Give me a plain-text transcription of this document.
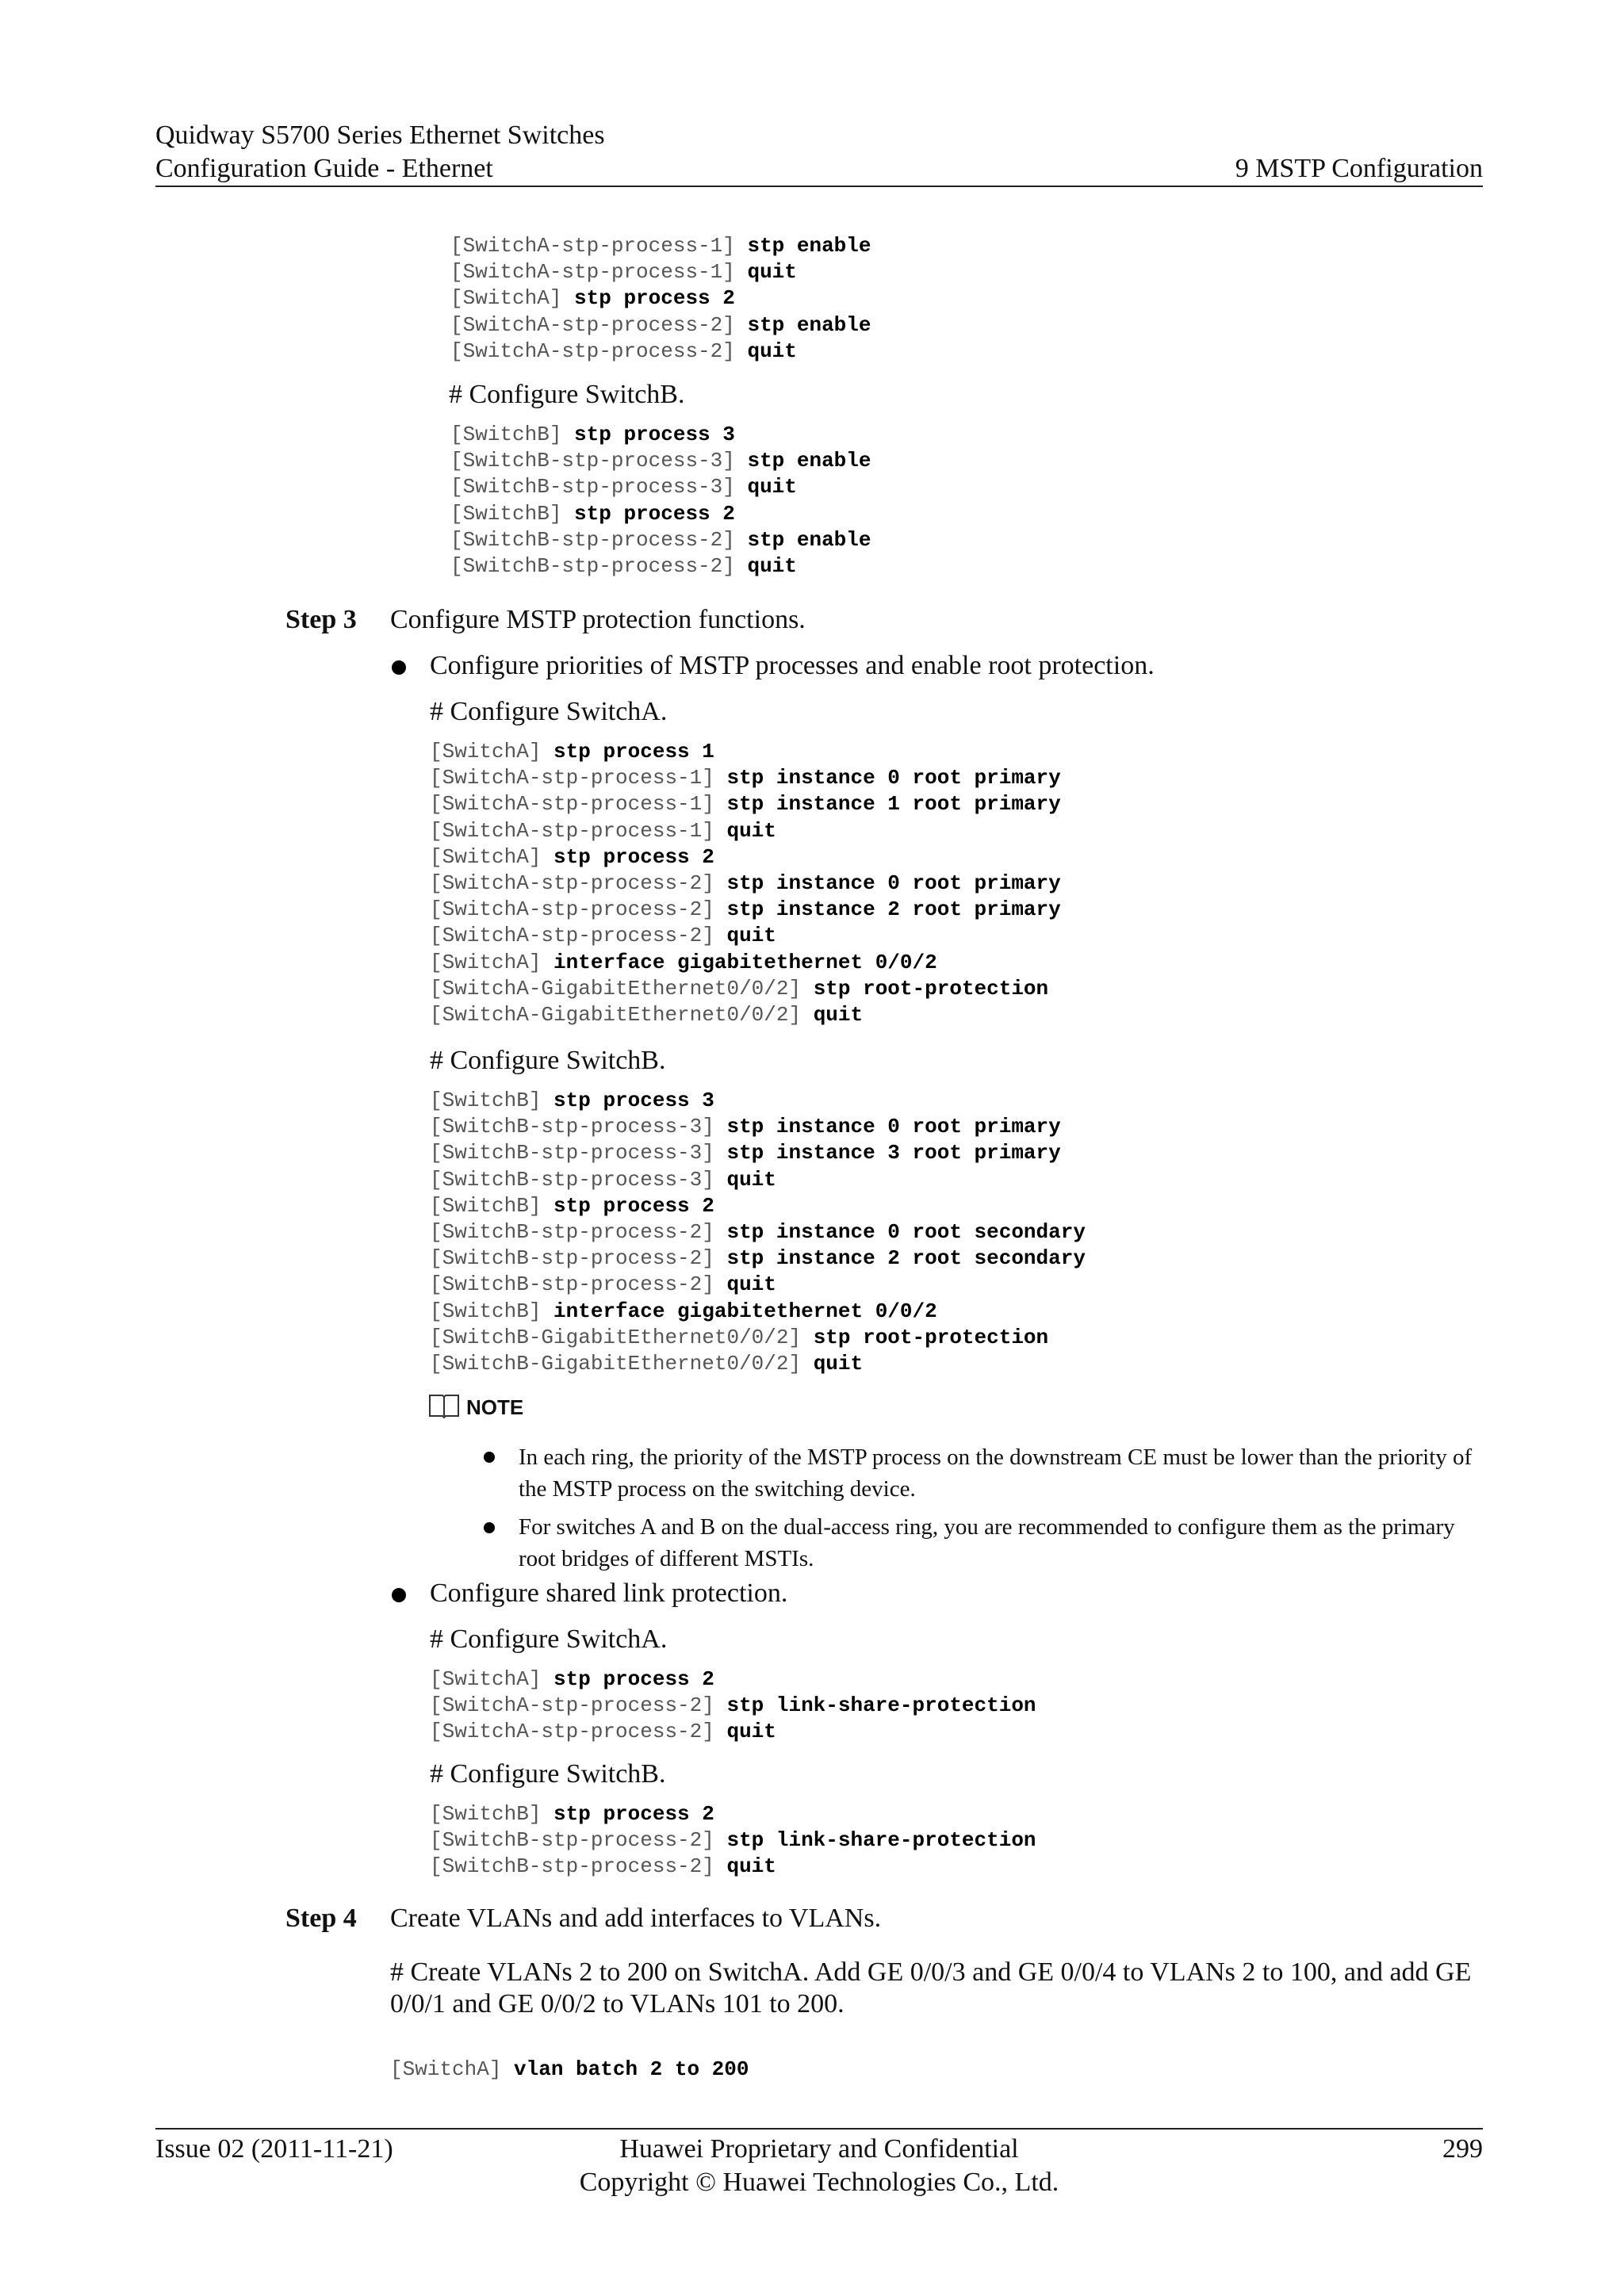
Quidway S5700 Series Ethernet Switches
Configuration Guide - Ethernet	9 MSTP Configuration
[SwitchA-stp-process-1] stp enable
[SwitchA-stp-process-1] quit
[SwitchA] stp process 2
[SwitchA-stp-process-2] stp enable
[SwitchA-stp-process-2] quit
# Configure SwitchB.
[SwitchB] stp process 3
[SwitchB-stp-process-3] stp enable
[SwitchB-stp-process-3] quit
[SwitchB] stp process 2
[SwitchB-stp-process-2] stp enable
[SwitchB-stp-process-2] quit
Step 3 Configure MSTP protection functions.
Configure priorities of MSTP processes and enable root protection.
# Configure SwitchA.
[SwitchA] stp process 1
[SwitchA-stp-process-1] stp instance 0 root primary
[SwitchA-stp-process-1] stp instance 1 root primary
[SwitchA-stp-process-1] quit
[SwitchA] stp process 2
[SwitchA-stp-process-2] stp instance 0 root primary
[SwitchA-stp-process-2] stp instance 2 root primary
[SwitchA-stp-process-2] quit
[SwitchA] interface gigabitethernet 0/0/2
[SwitchA-GigabitEthernet0/0/2] stp root-protection
[SwitchA-GigabitEthernet0/0/2] quit
# Configure SwitchB.
[SwitchB] stp process 3
[SwitchB-stp-process-3] stp instance 0 root primary
[SwitchB-stp-process-3] stp instance 3 root primary
[SwitchB-stp-process-3] quit
[SwitchB] stp process 2
[SwitchB-stp-process-2] stp instance 0 root secondary
[SwitchB-stp-process-2] stp instance 2 root secondary
[SwitchB-stp-process-2] quit
[SwitchB] interface gigabitethernet 0/0/2
[SwitchB-GigabitEthernet0/0/2] stp root-protection
[SwitchB-GigabitEthernet0/0/2] quit
NOTE
In each ring, the priority of the MSTP process on the downstream CE must be lower than the priority of the MSTP process on the switching device.
For switches A and B on the dual-access ring, you are recommended to configure them as the primary root bridges of different MSTIs.
Configure shared link protection.
# Configure SwitchA.
[SwitchA] stp process 2
[SwitchA-stp-process-2] stp link-share-protection
[SwitchA-stp-process-2] quit
# Configure SwitchB.
[SwitchB] stp process 2
[SwitchB-stp-process-2] stp link-share-protection
[SwitchB-stp-process-2] quit
Step 4 Create VLANs and add interfaces to VLANs.
# Create VLANs 2 to 200 on SwitchA. Add GE 0/0/3 and GE 0/0/4 to VLANs 2 to 100, and add GE 0/0/1 and GE 0/0/2 to VLANs 101 to 200.
[SwitchA] vlan batch 2 to 200
Issue 02 (2011-11-21)	Huawei Proprietary and Confidential
Copyright © Huawei Technologies Co., Ltd.
299
